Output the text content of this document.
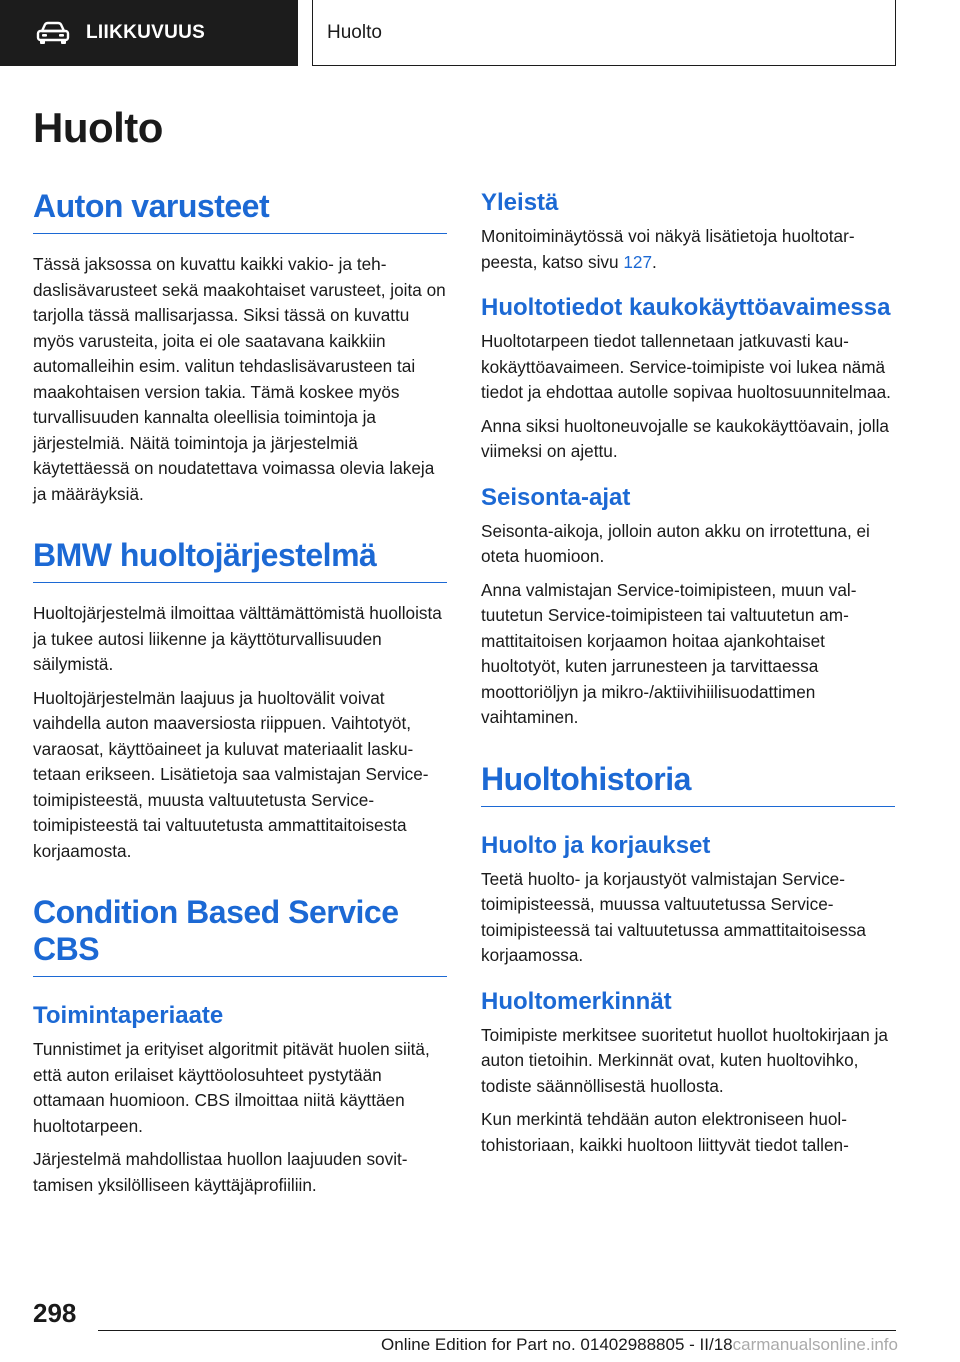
LIIKKUVUUS	Huolto
Huolto
Auton varusteet

Tässä jaksossa on kuvattu kaikki vakio- ja tehdaslisävarusteet sekä maakohtaiset varusteet, joita on tarjolla tässä mallisarjassa. Siksi tässä on kuvattu myös varusteita, joita ei ole saatavana kaikkiin automalleihin esim. valitun tehdaslisävаrusteen tai maakohtaisen version takia. Tämä koskee myös turvallisuuden kannalta oleellisia toimintoja ja järjestelmiä. Näitä toimintoja ja järjestelmiä käytettäessä on noudatettava voimassa olevia lakeja ja määräyksiä.

BMW huoltojärjestelmä

Huoltojärjestelmä ilmoittaa välttämättömistä huolloista ja tukee autosi liikenne ja käyttöturvallisuuden säilymistä.

Huoltojärjestelmän laajuus ja huoltovälit voivat vaihdella auton maaversiosta riippuen. Vaihtotyöt, varaosat, käyttöaineet ja kuluvat materiaalit laskutetaan erikseen. Lisätietoja saa valmistajan Service-toimipisteestä, muusta valtuutetusta Service-toimipisteestä tai valtuutetusta ammattitaitoisesta korjaamosta.

Condition Based Service CBS
Toimintaperiaate

Tunnistimet ja erityiset algoritmit pitävät huolen siitä, että auton erilaiset käyttöolosuhteet pystytään ottamaan huomioon. CBS ilmoittaa niitä käyttäen huoltotarpeen.

Järjestelmä mahdollistaa huollon laajuuden sovittamisen yksilölliseen käyttäjäprofiiliin.

Yleistä

Monitoiminäytössä voi näkyä lisätietoja huoltotarpeesta, katso sivu 127.

Huoltotiedot kaukokäyttöavaimessa

Huoltotarpeen tiedot tallennetaan jatkuvasti kaukokäyttöavaimeen. Service-toimipiste voi lukea nämä tiedot ja ehdottaa autolle sopivaa huoltosuunnitelmaa.

Anna siksi huoltoneuvojalle se kaukokäyttöavain, jolla viimeksi on ajettu.

Seisonta-ajat

Seisonta-aikoja, jolloin auton akku on irrotettuna, ei oteta huomioon.

Anna valmistajan Service-toimipisteen, muun valtuutetun Service-toimipisteen tai valtuutetun ammattitaitoisen korjaamon hoitaa ajankohtaiset huoltotyöt, kuten jarrunesteen ja tarvittaessa moottoriöljyn ja mikro-/aktiivihiilisuodattimen vaihtaminen.

Huoltohistoria
Huolto ja korjaukset

Teetä huolto- ja korjaustyöt valmistajan Service-toimipisteessä, muussa valtuutetussa Service-toimipisteessä tai valtuutetussa ammattitaitoisessa korjaamossa.

Huoltomerkinnät

Toimipiste merkitsee suoritetut huollot huoltokirjaan ja auton tietoihin. Merkinnät ovat, kuten huoltovihko, todiste säännöllisestä huollosta.

Kun merkintä tehdään auton elektroniseen huoltohistoriaan, kaikki huoltoon liittyvät tiedot tallen-

298
Online Edition for Part no. 01402988805 - II/18carmanualsonline.info
